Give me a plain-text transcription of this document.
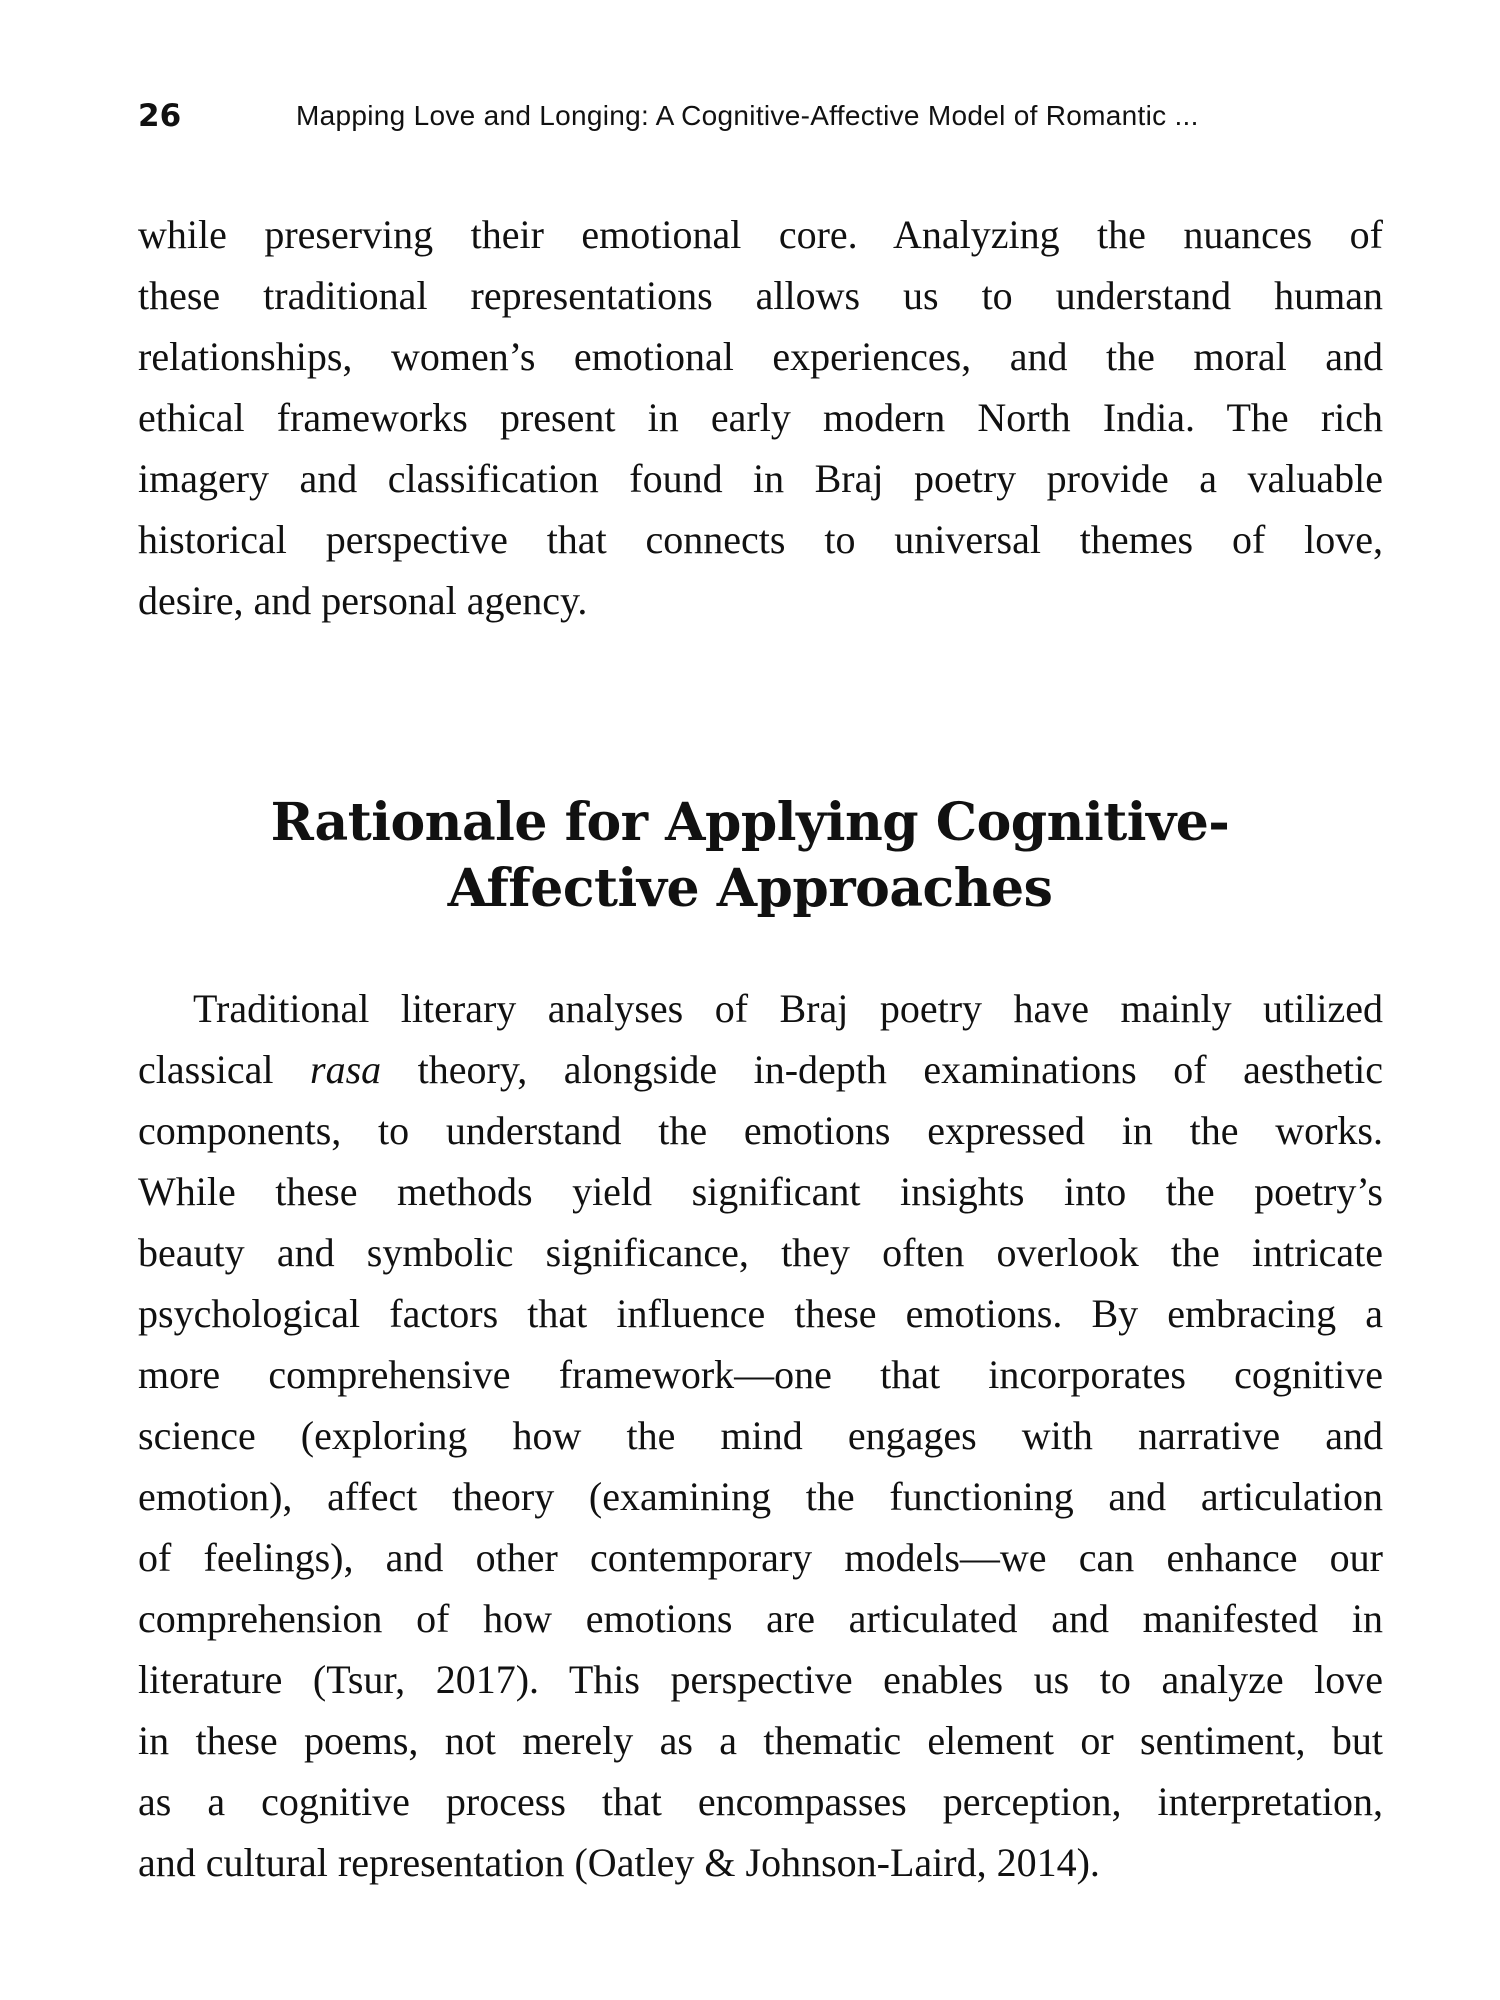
26	Mapping Love and Longing: A Cognitive-Affective Model of Romantic ...
while preserving their emotional core. Analyzing the nuances of
these traditional representations allows us to understand human
relationships, women’s emotional experiences, and the moral and
ethical frameworks present in early modern North India. The rich
imagery and classification found in Braj poetry provide a valuable
historical perspective that connects to universal themes of love,
desire, and personal agency.
Rationale for Applying Cognitive-
Affective Approaches
Traditional literary analyses of Braj poetry have mainly utilized
classical rasa theory, alongside in-depth examinations of aesthetic
components, to understand the emotions expressed in the works.
While these methods yield significant insights into the poetry’s
beauty and symbolic significance, they often overlook the intricate
psychological factors that influence these emotions. By embracing a
more comprehensive framework—one that incorporates cognitive
science (exploring how the mind engages with narrative and
emotion), affect theory (examining the functioning and articulation
of feelings), and other contemporary models—we can enhance our
comprehension of how emotions are articulated and manifested in
literature (Tsur, 2017). This perspective enables us to analyze love
in these poems, not merely as a thematic element or sentiment, but
as a cognitive process that encompasses perception, interpretation,
and cultural representation (Oatley & Johnson-Laird, 2014).
